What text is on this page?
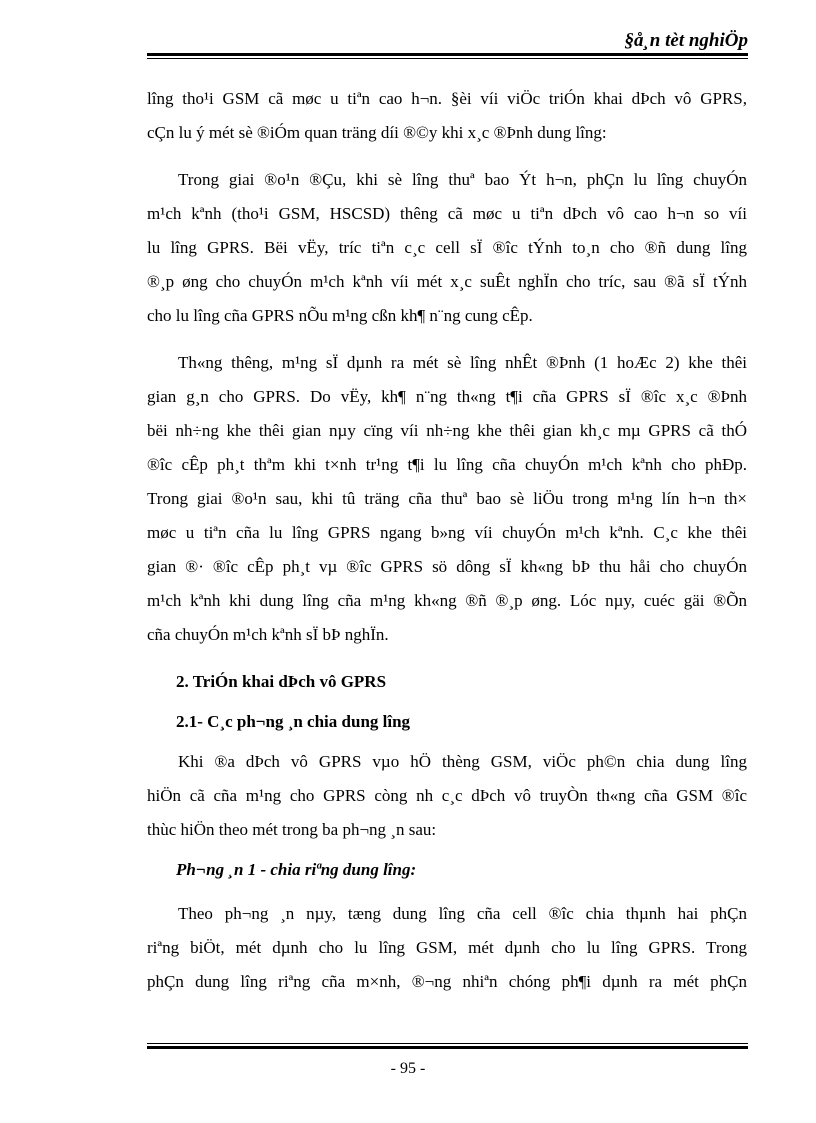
§å¸n tèt nghiÖp
lîng tho¹i GSM cã møc u tiªn cao h¬n. §èi víi viÖc triÓn khai dÞch vô GPRS,
cÇn lu ý mét sè ®iÓm quan träng díi ®©y khi x¸c ®Þnh dung lîng:
Trong giai ®o¹n ®Çu, khi sè lîng thuª bao Ýt h¬n, phÇn lu lîng chuyÓn
m¹ch kªnh (tho¹i GSM, HSCSD) thêng cã møc u tiªn dÞch vô cao h¬n so víi
lu lîng GPRS. Bëi vËy, tríc tiªn c¸c cell sÏ ®îc tÝnh to¸n cho ®ñ dung lîng
®¸p øng cho chuyÓn m¹ch kªnh víi mét x¸c suÊt nghÏn cho tríc, sau ®ã sÏ tÝnh
cho lu lîng cña GPRS nÕu m¹ng cßn kh¶ n¨ng cung cÊp.
Th«ng thêng, m¹ng sÏ dµnh ra mét sè lîng nhÊt ®Þnh (1 hoÆc 2) khe thêi
gian g¸n cho GPRS. Do vËy, kh¶ n¨ng th«ng t¶i cña GPRS sÏ ®îc x¸c ®Þnh
bëi nh÷ng khe thêi gian nµy cïng víi nh÷ng khe thêi gian kh¸c mµ GPRS cã thÓ
®îc cÊp ph¸t thªm khi t×nh tr¹ng t¶i lu lîng cña chuyÓn m¹ch kªnh cho phÐp.
Trong giai ®o¹n sau, khi tû träng cña thuª bao sè liÖu trong m¹ng lín h¬n th×
møc u tiªn cña lu lîng GPRS ngang b»ng víi chuyÓn m¹ch kªnh. C¸c khe thêi
gian ®· ®îc cÊp ph¸t vµ ®îc GPRS sö dông sÏ kh«ng bÞ thu håi cho chuyÓn
m¹ch kªnh khi dung lîng cña m¹ng kh«ng ®ñ ®¸p øng. Lóc nµy, cuéc gäi ®Õn
cña chuyÓn m¹ch kªnh sÏ bÞ nghÏn.
2. TriÓn khai dÞch vô GPRS
2.1- C¸c ph¬ng ¸n chia dung lîng
Khi ®a dÞch vô GPRS vµo hÖ thèng GSM, viÖc ph©n chia dung lîng
hiÖn cã cña m¹ng cho GPRS còng nh c¸c dÞch vô truyÒn th«ng cña GSM ®îc
thùc hiÖn theo mét trong ba ph¬ng ¸n sau:
Ph¬ng ¸n 1 - chia riªng dung lîng:
Theo ph¬ng ¸n nµy, tæng dung lîng cña cell ®îc chia thµnh hai phÇn
riªng biÖt, mét dµnh cho lu lîng GSM, mét dµnh cho lu lîng GPRS. Trong
phÇn dung lîng riªng cña m×nh, ®¬ng nhiªn chóng ph¶i dµnh ra mét phÇn
- 95 -
